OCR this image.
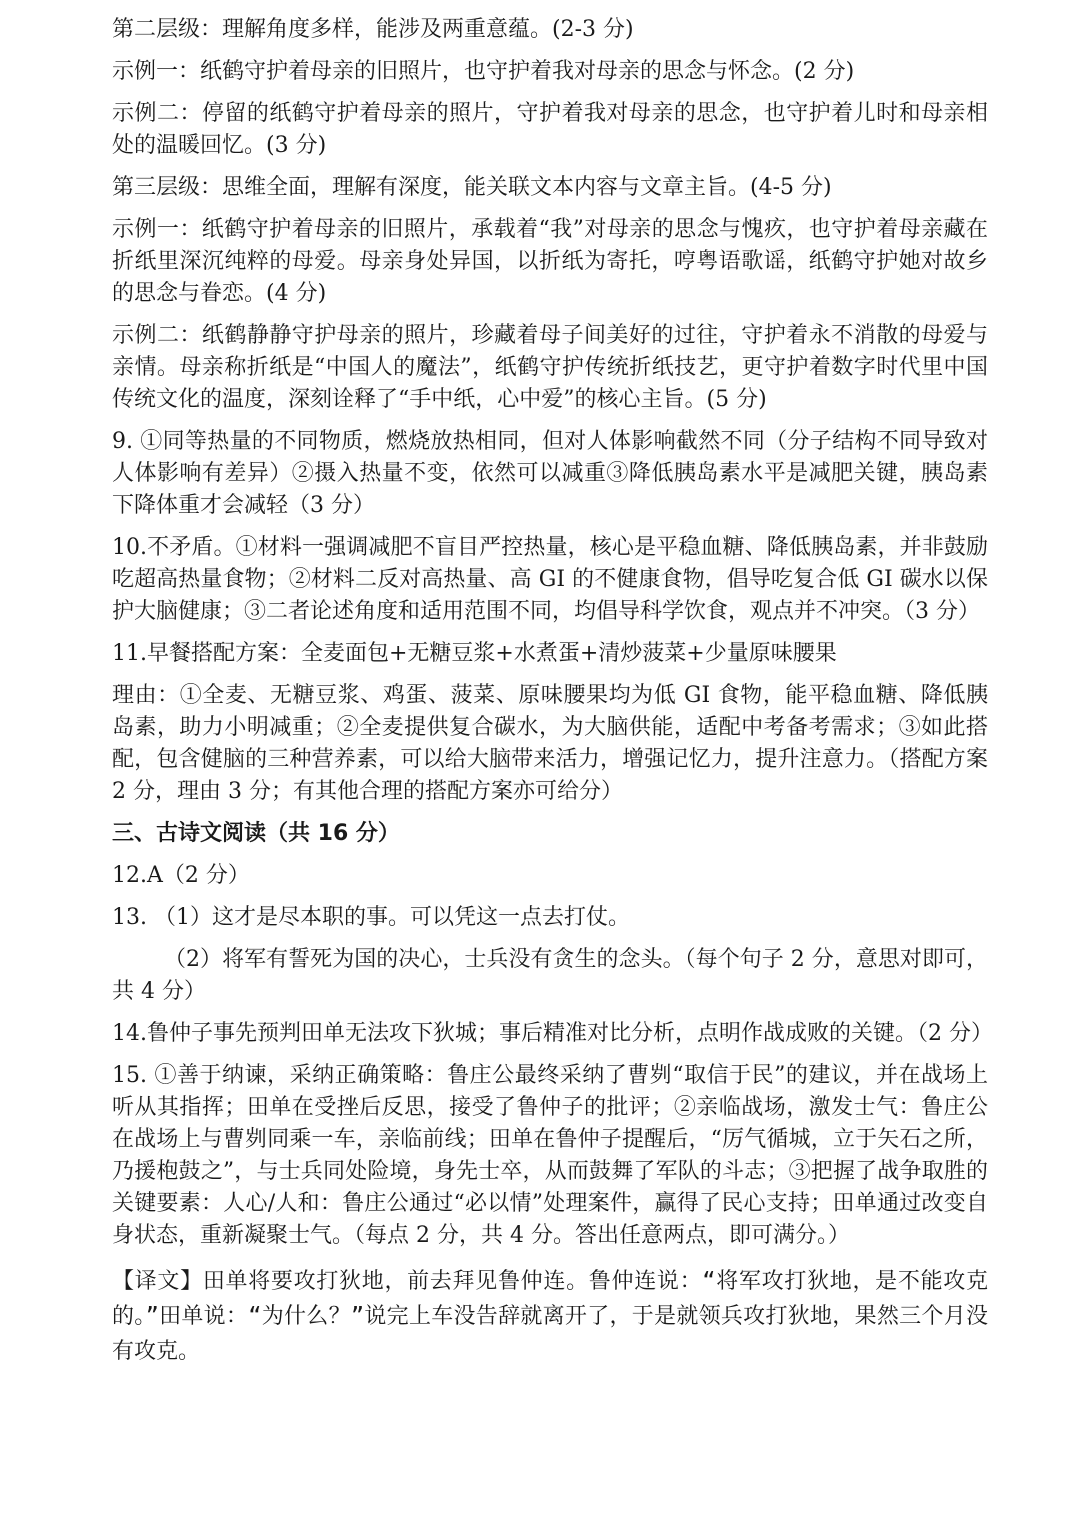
第二层级：理解角度多样，能涉及两重意蕴。(2-3 分)

示例一：纸鹤守护着母亲的旧照片，也守护着我对母亲的思念与怀念。(2 分)

示例二：停留的纸鹤守护着母亲的照片，守护着我对母亲的思念，也守护着儿时和母亲相处的温暖回忆。(3 分)

第三层级：思维全面，理解有深度，能关联文本内容与文章主旨。(4-5 分)

示例一：纸鹤守护着母亲的旧照片，承载着“我”对母亲的思念与愧疚，也守护着母亲藏在折纸里深沉纯粹的母爱。母亲身处异国，以折纸为寄托，哼粤语歌谣，纸鹤守护她对故乡的思念与眷恋。(4 分)

示例二：纸鹤静静守护母亲的照片，珍藏着母子间美好的过往，守护着永不消散的母爱与亲情。母亲称折纸是“中国人的魔法”，纸鹤守护传统折纸技艺，更守护着数字时代里中国传统文化的温度，深刻诠释了“手中纸，心中爱”的核心主旨。(5 分)

9. ①同等热量的不同物质，燃烧放热相同，但对人体影响截然不同（分子结构不同导致对人体影响有差异）②摄入热量不变，依然可以减重③降低胰岛素水平是减肥关键，胰岛素下降体重才会减轻（3 分）

10.不矛盾。①材料一强调减肥不盲目严控热量，核心是平稳血糖、降低胰岛素，并非鼓励吃超高热量食物；②材料二反对高热量、高 GI 的不健康食物，倡导吃复合低 GI 碳水以保护大脑健康；③二者论述角度和适用范围不同，均倡导科学饮食，观点并不冲突。（3 分）

11.早餐搭配方案：全麦面包+无糖豆浆+水煮蛋+清炒菠菜+少量原味腰果

理由：①全麦、无糖豆浆、鸡蛋、菠菜、原味腰果均为低 GI 食物，能平稳血糖、降低胰岛素，助力小明减重；②全麦提供复合碳水，为大脑供能，适配中考备考需求；③如此搭配，包含健脑的三种营养素，可以给大脑带来活力，增强记忆力，提升注意力。（搭配方案 2 分，理由 3 分；有其他合理的搭配方案亦可给分）

三、古诗文阅读（共 16 分）

12.A（2 分）

13. （1）这才是尽本职的事。可以凭这一点去打仗。

（2）将军有誓死为国的决心，士兵没有贪生的念头。（每个句子 2 分，意思对即可，共 4 分）

14.鲁仲子事先预判田单无法攻下狄城；事后精准对比分析，点明作战成败的关键。（2 分）

15. ①善于纳谏，采纳正确策略：鲁庄公最终采纳了曹刿“取信于民”的建议，并在战场上听从其指挥；田单在受挫后反思，接受了鲁仲子的批评；②亲临战场，激发士气：鲁庄公在战场上与曹刿同乘一车，亲临前线；田单在鲁仲子提醒后，“厉气循城，立于矢石之所，乃援枹鼓之”，与士兵同处险境，身先士卒，从而鼓舞了军队的斗志；③把握了战争取胜的关键要素：人心/人和：鲁庄公通过“必以情”处理案件，赢得了民心支持；田单通过改变自身状态，重新凝聚士气。（每点 2 分，共 4 分。答出任意两点，即可满分。）

【译文】田单将要攻打狄地，前去拜见鲁仲连。鲁仲连说：“将军攻打狄地，是不能攻克的。”田单说：“为什么？”说完上车没告辞就离开了，于是就领兵攻打狄地，果然三个月没有攻克。
